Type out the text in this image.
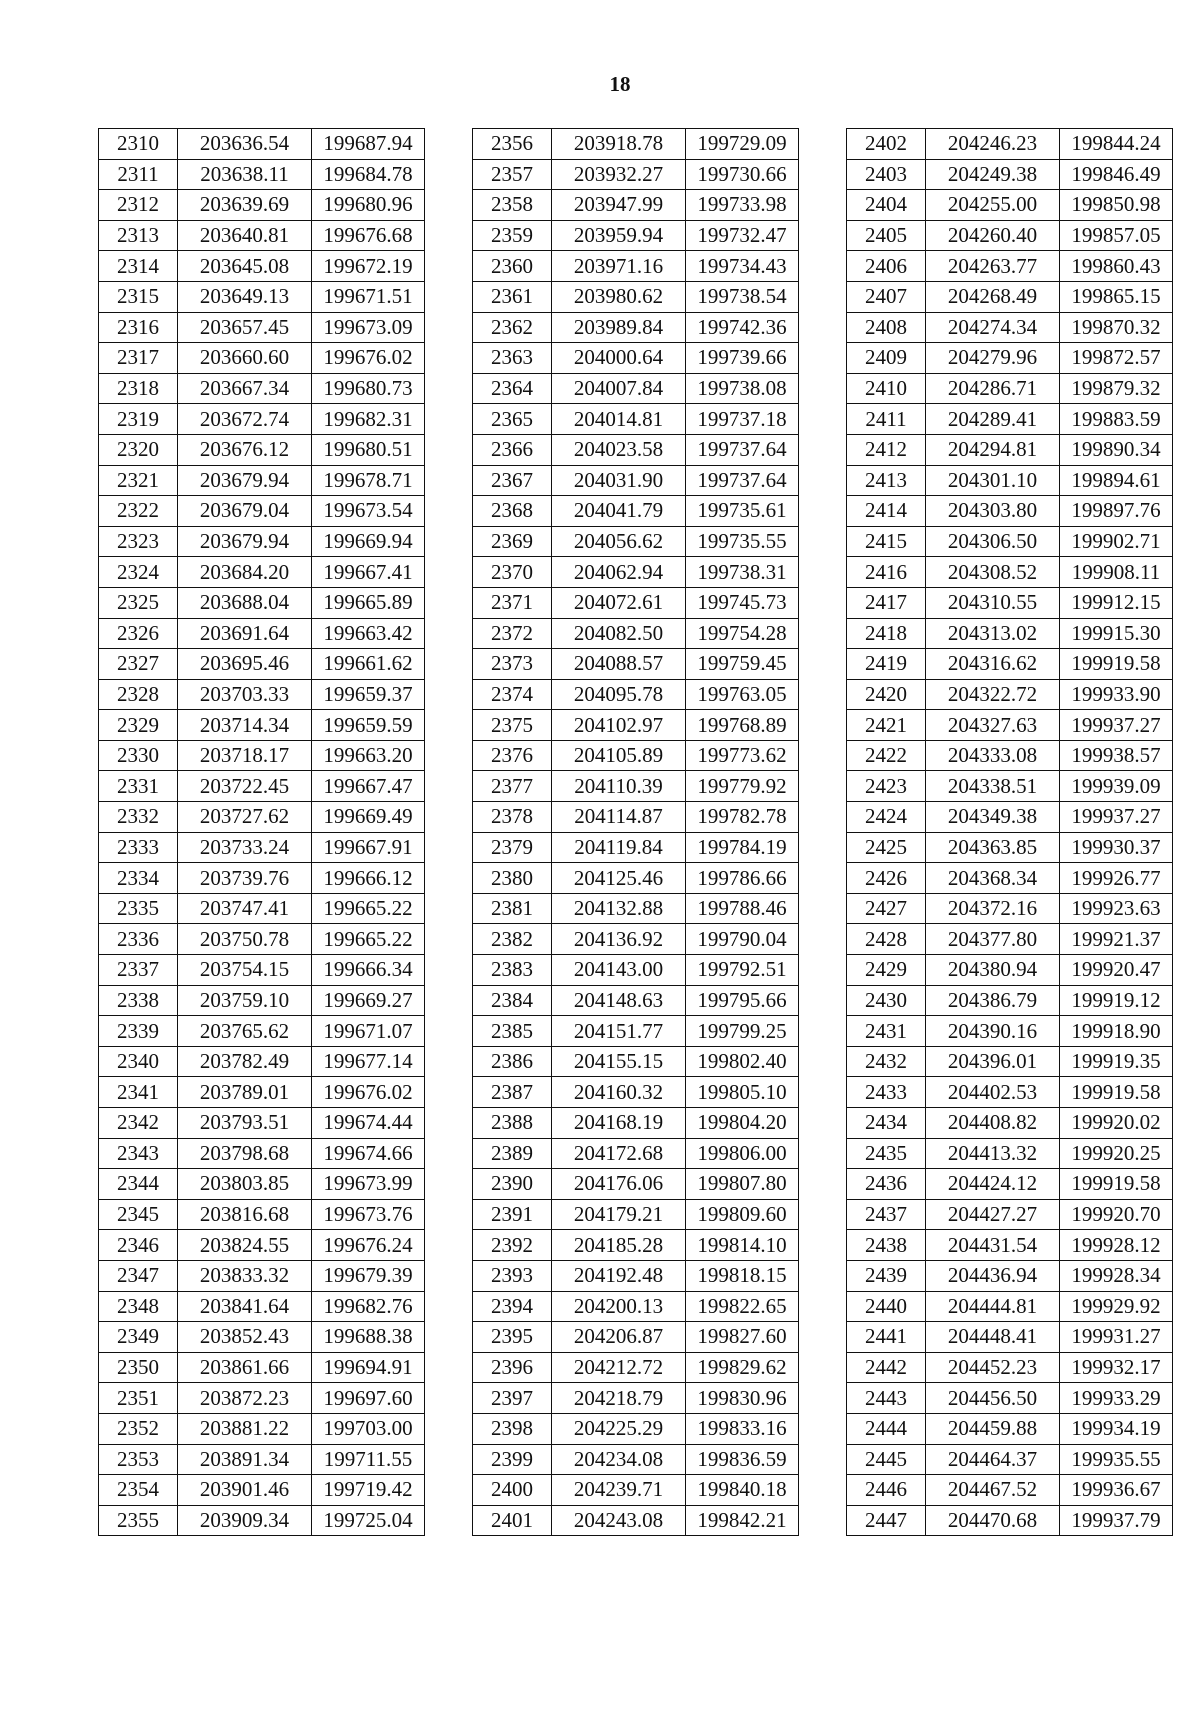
18
2310	203636.54	199687.94
2311	203638.11	199684.78
2312	203639.69	199680.96
2313	203640.81	199676.68
2314	203645.08	199672.19
2315	203649.13	199671.51
2316	203657.45	199673.09
2317	203660.60	199676.02
2318	203667.34	199680.73
2319	203672.74	199682.31
2320	203676.12	199680.51
2321	203679.94	199678.71
2322	203679.04	199673.54
2323	203679.94	199669.94
2324	203684.20	199667.41
2325	203688.04	199665.89
2326	203691.64	199663.42
2327	203695.46	199661.62
2328	203703.33	199659.37
2329	203714.34	199659.59
2330	203718.17	199663.20
2331	203722.45	199667.47
2332	203727.62	199669.49
2333	203733.24	199667.91
2334	203739.76	199666.12
2335	203747.41	199665.22
2336	203750.78	199665.22
2337	203754.15	199666.34
2338	203759.10	199669.27
2339	203765.62	199671.07
2340	203782.49	199677.14
2341	203789.01	199676.02
2342	203793.51	199674.44
2343	203798.68	199674.66
2344	203803.85	199673.99
2345	203816.68	199673.76
2346	203824.55	199676.24
2347	203833.32	199679.39
2348	203841.64	199682.76
2349	203852.43	199688.38
2350	203861.66	199694.91
2351	203872.23	199697.60
2352	203881.22	199703.00
2353	203891.34	199711.55
2354	203901.46	199719.42
2355	203909.34	199725.04
2356	203918.78	199729.09
2357	203932.27	199730.66
2358	203947.99	199733.98
2359	203959.94	199732.47
2360	203971.16	199734.43
2361	203980.62	199738.54
2362	203989.84	199742.36
2363	204000.64	199739.66
2364	204007.84	199738.08
2365	204014.81	199737.18
2366	204023.58	199737.64
2367	204031.90	199737.64
2368	204041.79	199735.61
2369	204056.62	199735.55
2370	204062.94	199738.31
2371	204072.61	199745.73
2372	204082.50	199754.28
2373	204088.57	199759.45
2374	204095.78	199763.05
2375	204102.97	199768.89
2376	204105.89	199773.62
2377	204110.39	199779.92
2378	204114.87	199782.78
2379	204119.84	199784.19
2380	204125.46	199786.66
2381	204132.88	199788.46
2382	204136.92	199790.04
2383	204143.00	199792.51
2384	204148.63	199795.66
2385	204151.77	199799.25
2386	204155.15	199802.40
2387	204160.32	199805.10
2388	204168.19	199804.20
2389	204172.68	199806.00
2390	204176.06	199807.80
2391	204179.21	199809.60
2392	204185.28	199814.10
2393	204192.48	199818.15
2394	204200.13	199822.65
2395	204206.87	199827.60
2396	204212.72	199829.62
2397	204218.79	199830.96
2398	204225.29	199833.16
2399	204234.08	199836.59
2400	204239.71	199840.18
2401	204243.08	199842.21
2402	204246.23	199844.24
2403	204249.38	199846.49
2404	204255.00	199850.98
2405	204260.40	199857.05
2406	204263.77	199860.43
2407	204268.49	199865.15
2408	204274.34	199870.32
2409	204279.96	199872.57
2410	204286.71	199879.32
2411	204289.41	199883.59
2412	204294.81	199890.34
2413	204301.10	199894.61
2414	204303.80	199897.76
2415	204306.50	199902.71
2416	204308.52	199908.11
2417	204310.55	199912.15
2418	204313.02	199915.30
2419	204316.62	199919.58
2420	204322.72	199933.90
2421	204327.63	199937.27
2422	204333.08	199938.57
2423	204338.51	199939.09
2424	204349.38	199937.27
2425	204363.85	199930.37
2426	204368.34	199926.77
2427	204372.16	199923.63
2428	204377.80	199921.37
2429	204380.94	199920.47
2430	204386.79	199919.12
2431	204390.16	199918.90
2432	204396.01	199919.35
2433	204402.53	199919.58
2434	204408.82	199920.02
2435	204413.32	199920.25
2436	204424.12	199919.58
2437	204427.27	199920.70
2438	204431.54	199928.12
2439	204436.94	199928.34
2440	204444.81	199929.92
2441	204448.41	199931.27
2442	204452.23	199932.17
2443	204456.50	199933.29
2444	204459.88	199934.19
2445	204464.37	199935.55
2446	204467.52	199936.67
2447	204470.68	199937.79
